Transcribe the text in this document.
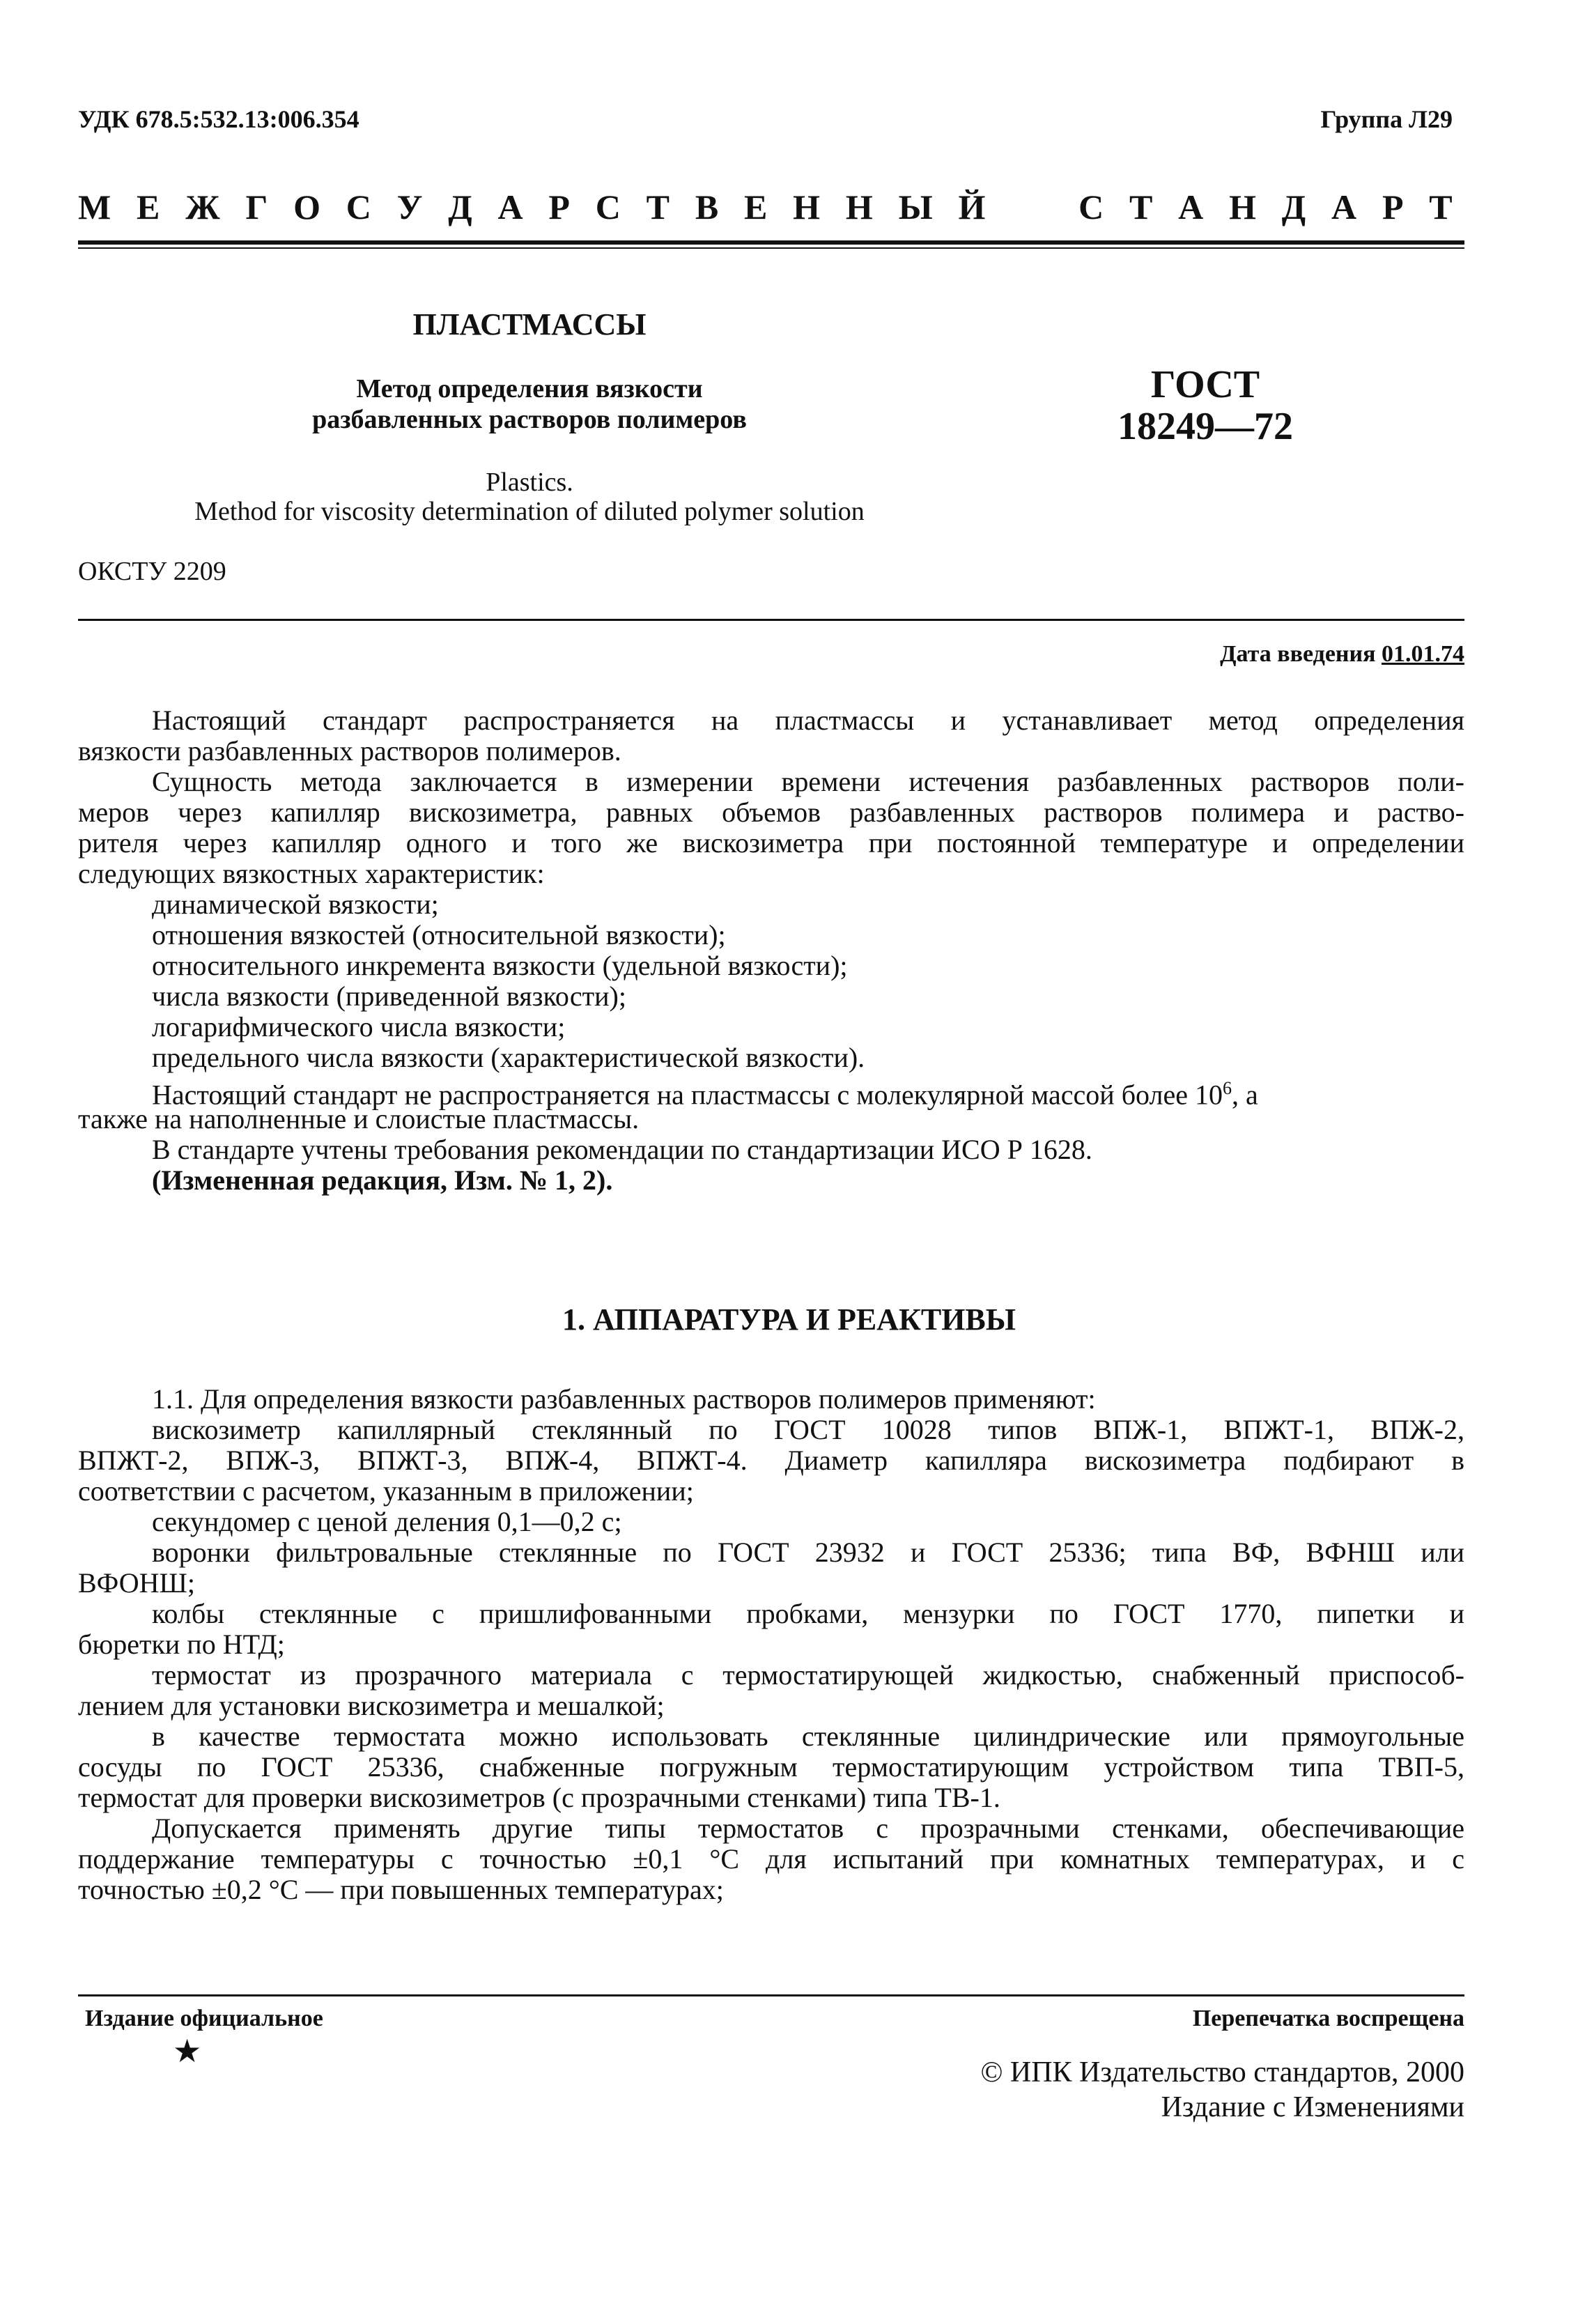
УДК 678.5:532.13:006.354	Группа Л29
М Е Ж Г О С У Д А Р С Т В Е Н Н Ы Й	С Т А Н Д А Р Т
ПЛАСТМАССЫ
Метод определения вязкости
разбавленных растворов полимеров
ГОСТ
18249—72
Plastics.
Method for viscosity determination of diluted polymer solution
ОКСТУ 2209
Дата введения 01.01.74
Настоящий стандарт распространяется на пластмассы и устанавливает метод определения
вязкости разбавленных растворов полимеров.
Сущность метода заключается в измерении времени истечения разбавленных растворов поли-
меров через капилляр вискозиметра, равных объемов разбавленных растворов полимера и раство-
рителя через капилляр одного и того же вискозиметра при постоянной температуре и определении
следующих вязкостных характеристик:
динамической вязкости;
отношения вязкостей (относительной вязкости);
относительного инкремента вязкости (удельной вязкости);
числа вязкости (приведенной вязкости);
логарифмического числа вязкости;
предельного числа вязкости (характеристической вязкости).
Настоящий стандарт не распространяется на пластмассы с молекулярной массой более $10^6$, а
также на наполненные и слоистые пластмассы.
В стандарте учтены требования рекомендации по стандартизации ИСО Р 1628.
(Измененная редакция, Изм. № 1, 2).
1. АППАРАТУРА И РЕАКТИВЫ
1.1. Для определения вязкости разбавленных растворов полимеров применяют:
вискозиметр капиллярный стеклянный по ГОСТ 10028 типов ВПЖ-1, ВПЖТ-1, ВПЖ-2,
ВПЖТ-2, ВПЖ-3, ВПЖТ-3, ВПЖ-4, ВПЖТ-4. Диаметр капилляра вискозиметра подбирают в
соответствии с расчетом, указанным в приложении;
секундомер с ценой деления 0,1—0,2 с;
воронки фильтровальные стеклянные по ГОСТ 23932 и ГОСТ 25336; типа ВФ, ВФНШ или
ВФОНШ;
колбы стеклянные с пришлифованными пробками, мензурки по ГОСТ 1770, пипетки и
бюретки по НТД;
термостат из прозрачного материала с термостатирующей жидкостью, снабженный приспособ-
лением для установки вискозиметра и мешалкой;
в качестве термостата можно использовать стеклянные цилиндрические или прямоугольные
сосуды по ГОСТ 25336, снабженные погружным термостатирующим устройством типа ТВП-5,
термостат для проверки вискозиметров (с прозрачными стенками) типа ТВ-1.
Допускается применять другие типы термостатов с прозрачными стенками, обеспечивающие
поддержание температуры с точностью ±0,1 °С для испытаний при комнатных температурах, и с
точностью ±0,2 °С — при повышенных температурах;
Издание официальное	Перепечатка воспрещена
★
© ИПК Издательство стандартов, 2000
Издание с Изменениями
